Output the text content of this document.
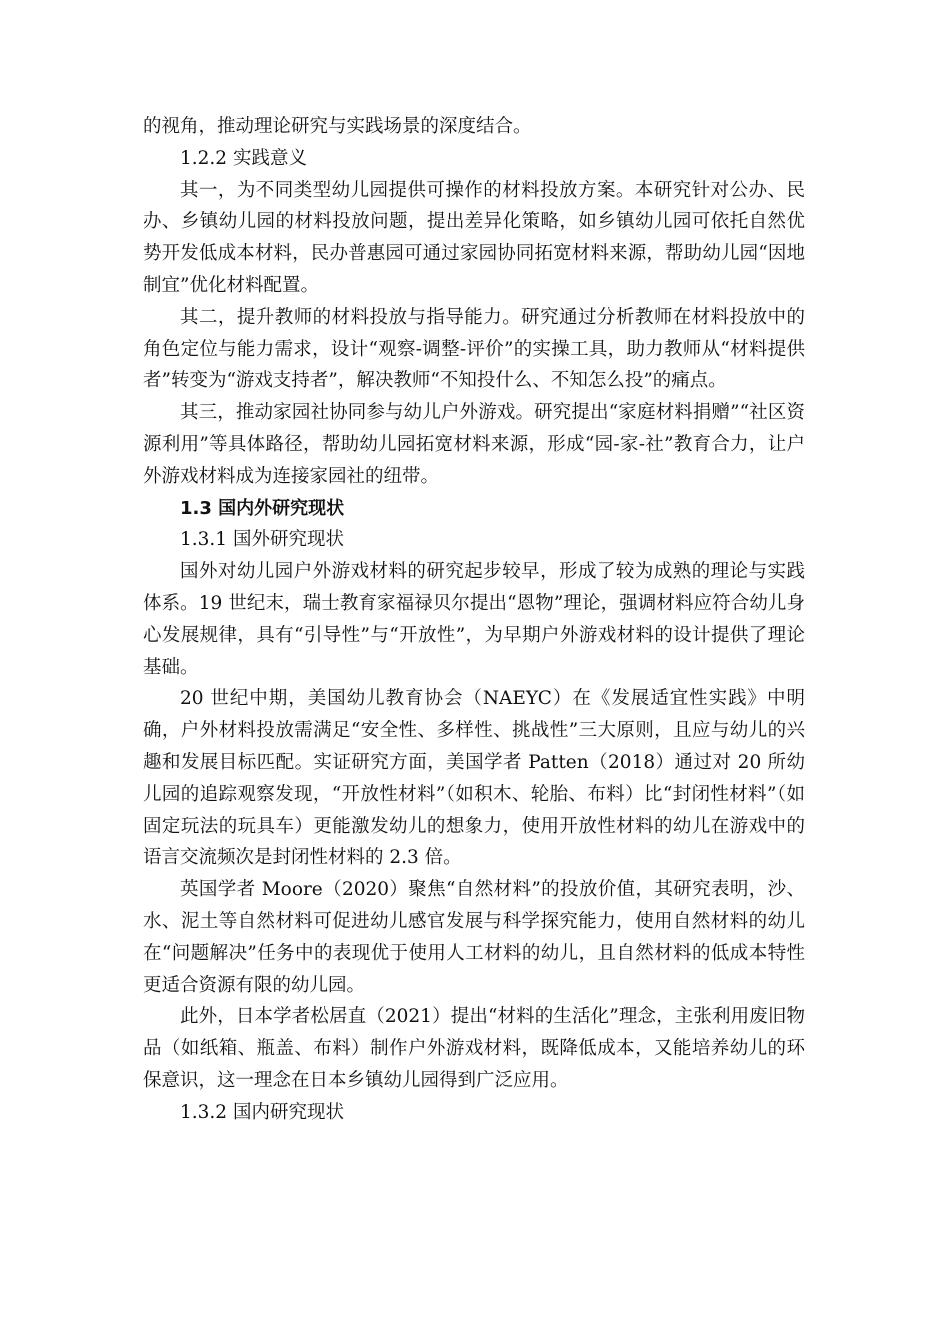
的视角，推动理论研究与实践场景的深度结合。

1.2.2 实践意义

其一，为不同类型幼儿园提供可操作的材料投放方案。本研究针对公办、民办、乡镇幼儿园的材料投放问题，提出差异化策略，如乡镇幼儿园可依托自然优势开发低成本材料，民办普惠园可通过家园协同拓宽材料来源，帮助幼儿园“因地制宜”优化材料配置。

其二，提升教师的材料投放与指导能力。研究通过分析教师在材料投放中的角色定位与能力需求，设计“观察-调整-评价”的实操工具，助力教师从“材料提供者”转变为“游戏支持者”，解决教师“不知投什么、不知怎么投”的痛点。

其三，推动家园社协同参与幼儿户外游戏。研究提出“家庭材料捐赠”“社区资源利用”等具体路径，帮助幼儿园拓宽材料来源，形成“园-家-社”教育合力，让户外游戏材料成为连接家园社的纽带。

1.3 国内外研究现状

1.3.1 国外研究现状

国外对幼儿园户外游戏材料的研究起步较早，形成了较为成熟的理论与实践体系。19 世纪末，瑞士教育家福禄贝尔提出“恩物”理论，强调材料应符合幼儿身心发展规律，具有“引导性”与“开放性”，为早期户外游戏材料的设计提供了理论基础。

20 世纪中期，美国幼儿教育协会（NAEYC）在《发展适宜性实践》中明确，户外材料投放需满足“安全性、多样性、挑战性”三大原则，且应与幼儿的兴趣和发展目标匹配。实证研究方面，美国学者 Patten（2018）通过对 20 所幼儿园的追踪观察发现，“开放性材料”（如积木、轮胎、布料）比“封闭性材料”（如固定玩法的玩具车）更能激发幼儿的想象力，使用开放性材料的幼儿在游戏中的语言交流频次是封闭性材料的 2.3 倍。

英国学者 Moore（2020）聚焦“自然材料”的投放价值，其研究表明，沙、水、泥土等自然材料可促进幼儿感官发展与科学探究能力，使用自然材料的幼儿在“问题解决”任务中的表现优于使用人工材料的幼儿，且自然材料的低成本特性更适合资源有限的幼儿园。

此外，日本学者松居直（2021）提出“材料的生活化”理念，主张利用废旧物品（如纸箱、瓶盖、布料）制作户外游戏材料，既降低成本，又能培养幼儿的环保意识，这一理念在日本乡镇幼儿园得到广泛应用。

1.3.2 国内研究现状
